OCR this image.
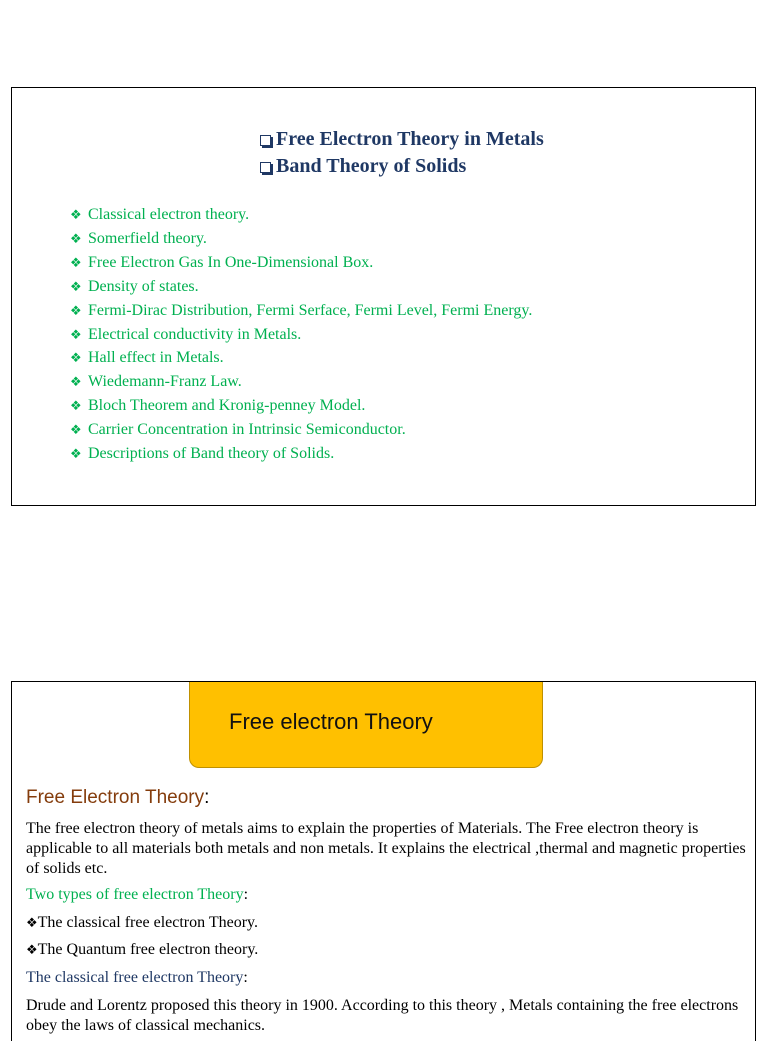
Free Electron Theory in Metals
Band Theory of Solids
❖ Classical electron theory.
❖ Somerfield theory.
❖ Free Electron Gas In One-Dimensional Box.
❖ Density of states.
❖ Fermi-Dirac Distribution, Fermi Serface, Fermi Level, Fermi Energy.
❖ Electrical conductivity in Metals.
❖ Hall effect in Metals.
❖ Wiedemann-Franz Law.
❖ Bloch Theorem and Kronig-penney Model.
❖ Carrier Concentration in Intrinsic Semiconductor.
❖ Descriptions of Band theory of Solids.
Free electron Theory
Free Electron Theory:

The free electron theory of metals aims to explain the properties of Materials. The Free electron theory is applicable to all materials both metals and non metals. It explains the electrical ,thermal and magnetic properties of solids etc.

Two types of free electron Theory:
❖The classical free electron Theory.
❖The Quantum free electron theory.
The classical free electron Theory:

Drude and Lorentz proposed this theory in 1900. According to this theory , Metals containing the free electrons obey the laws of classical mechanics.
